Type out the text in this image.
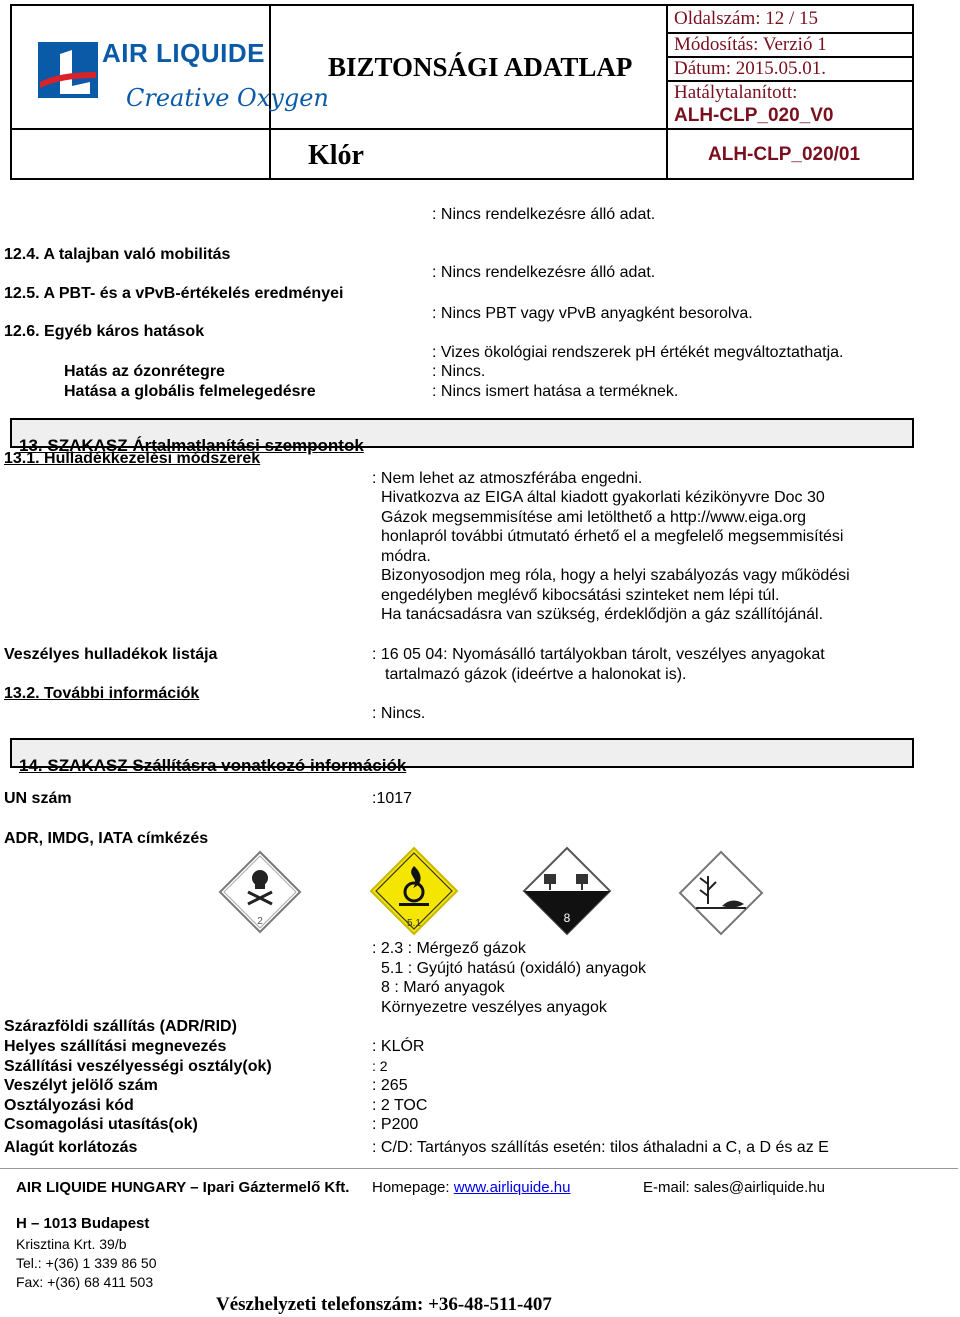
AIR LIQUIDE
Creative Oxygen
BIZTONSÁGI ADATLAP
Klór
Oldalszám: 12 / 15
Módosítás: Verzió 1
Dátum: 2015.05.01.
Hatálytalanított:
ALH-CLP_020_V0
ALH-CLP_020/01
: Nincs rendelkezésre álló adat.
12.4. A talajban való mobilitás
: Nincs rendelkezésre álló adat.
12.5. A PBT- és a vPvB-értékelés eredményei
: Nincs PBT vagy vPvB anyagként besorolva.
12.6. Egyéb káros hatások
: Vizes ökológiai rendszerek pH értékét megváltoztathatja.
Hatás az ózonrétegre	: Nincs.
Hatása a globális felmelegedésre	: Nincs ismert hatása a terméknek.
13. SZAKASZ Ártalmatlanítási szempontok
13.1. Hulladékkezelési módszerek
: Nem lehet az atmoszférába engedni.
Hivatkozva az EIGA által kiadott gyakorlati kézikönyvre Doc 30
Gázok megsemmisítése ami letölthető a http://www.eiga.org
honlapról további útmutató érhető el a megfelelő megsemmisítési
módra.
Bizonyosodjon meg róla, hogy a helyi szabályozás vagy működési
engedélyben meglévő kibocsátási szinteket nem lépi túl.
Ha tanácsadásra van szükség, érdeklődjön a gáz szállítójánál.
Veszélyes hulladékok listája	: 16 05 04: Nyomásálló tartályokban tárolt, veszélyes anyagokat
tartalmazó gázok (ideértve a halonokat is).
13.2. További információk
: Nincs.
14. SZAKASZ Szállításra vonatkozó információk
UN szám	:1017
ADR, IMDG, IATA címkézés
2	5.1	8
: 2.3 : Mérgező gázok
5.1 : Gyújtó hatású (oxidáló) anyagok
8 : Maró anyagok
Környezetre veszélyes anyagok
Szárazföldi szállítás (ADR/RID)
Helyes szállítási megnevezés	: KLÓR
Szállítási veszélyességi osztály(ok)	: 2
Veszélyt jelölő szám	: 265
Osztályozási kód	: 2 TOC
Csomagolási utasítás(ok)	: P200
Alagút korlátozás	: C/D: Tartányos szállítás esetén: tilos áthaladni a C, a D és az E
AIR LIQUIDE HUNGARY – Ipari Gáztermelő Kft. Homepage: www.airliquide.hu	E-mail: sales@airliquide.hu
H – 1013 Budapest
Krisztina Krt. 39/b
Tel.: +(36) 1 339 86 50
Fax: +(36) 68 411 503
Vészhelyzeti telefonszám: +36-48-511-407
